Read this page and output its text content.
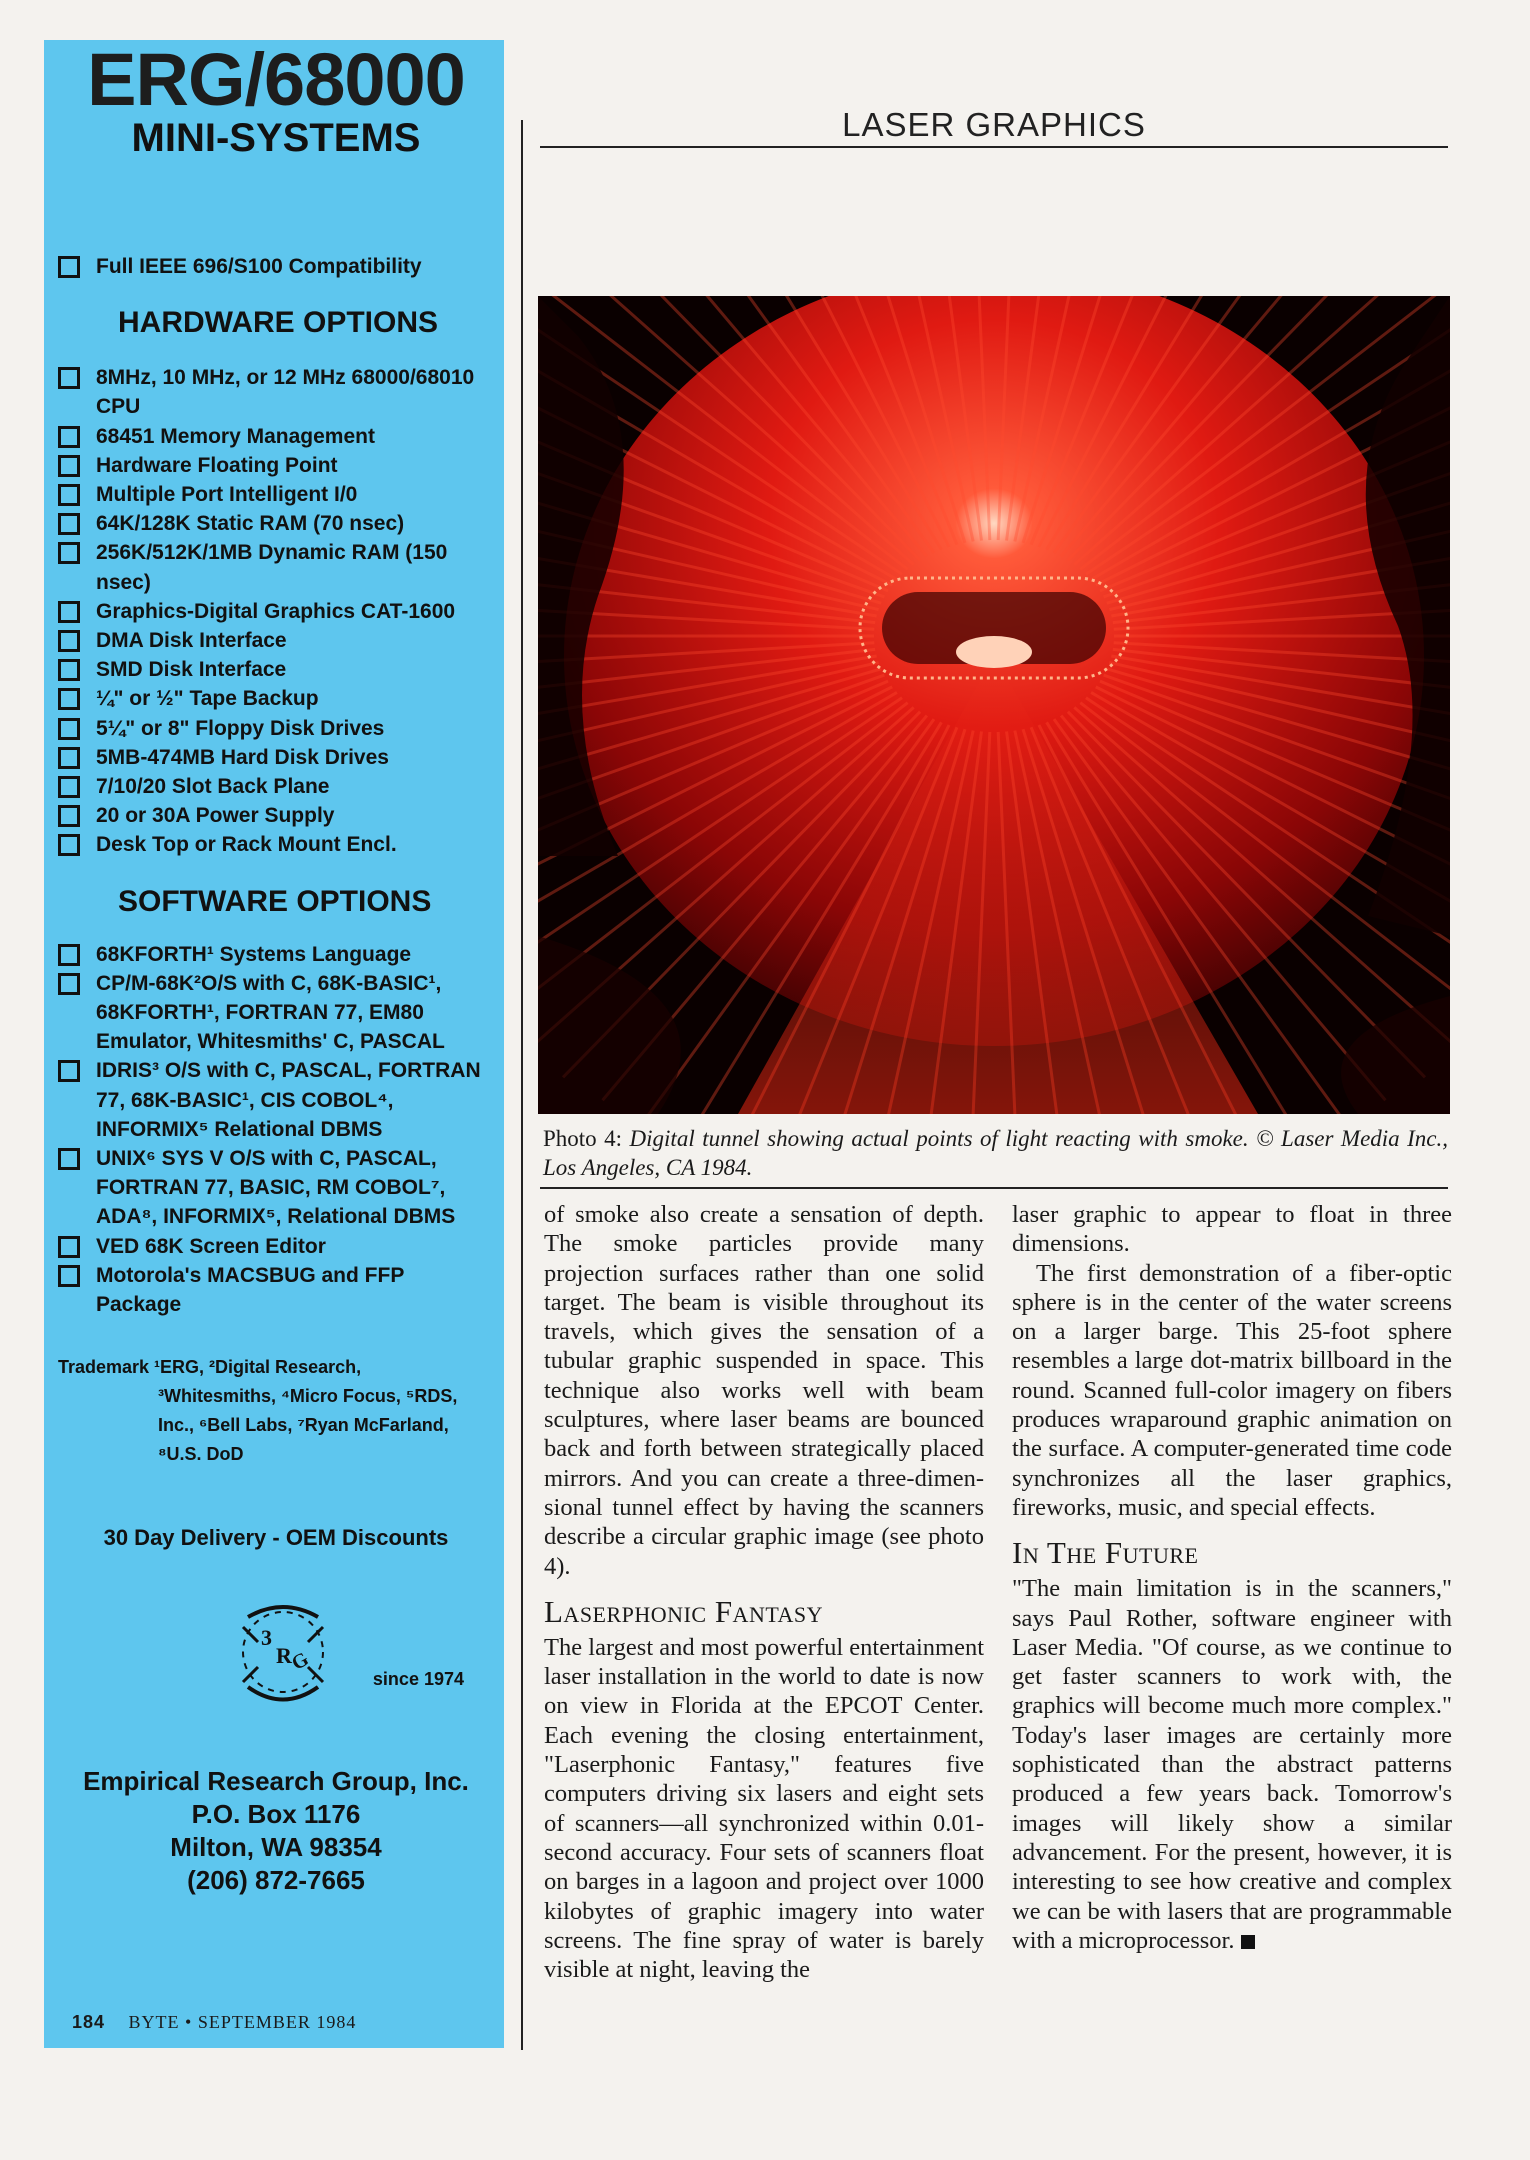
ERG/68000
MINI-SYSTEMS
Full IEEE 696/S100 Compatibility
HARDWARE OPTIONS
8MHz, 10 MHz, or 12 MHz 68000/68010 CPU
68451 Memory Management
Hardware Floating Point
Multiple Port Intelligent I/0
64K/128K Static RAM (70 nsec)
256K/512K/1MB Dynamic RAM (150 nsec)
Graphics-Digital Graphics CAT-1600
DMA Disk Interface
SMD Disk Interface
¼" or ½" Tape Backup
5¼" or 8" Floppy Disk Drives
5MB-474MB Hard Disk Drives
7/10/20 Slot Back Plane
20 or 30A Power Supply
Desk Top or Rack Mount Encl.
SOFTWARE OPTIONS
68KFORTH¹ Systems Language
CP/M-68K²O/S with C, 68K-BASIC¹, 68KFORTH¹, FORTRAN 77, EM80 Emulator, Whitesmiths' C, PASCAL
IDRIS³ O/S with C, PASCAL, FORTRAN 77, 68K-BASIC¹, CIS COBOL⁴, INFORMIX⁵ Relational DBMS
UNIX⁶ SYS V O/S with C, PASCAL, FORTRAN 77, BASIC, RM COBOL⁷, ADA⁸, INFORMIX⁵, Relational DBMS
VED 68K Screen Editor
Motorola's MACSBUG and FFP Package
Trademark ¹ERG, ²Digital Research,
³Whitesmiths, ⁴Micro Focus, ⁵RDS, Inc., ⁶Bell Labs, ⁷Ryan McFarland, ⁸U.S. DoD
30 Day Delivery - OEM Discounts
3
R
G
since 1974
Empirical Research Group, Inc.
P.O. Box 1176
Milton, WA 98354
(206) 872-7665
LASER GRAPHICS
Photo 4: Digital tunnel showing actual points of light reacting with smoke. © Laser Media Inc., Los Angeles, CA 1984.

of smoke also create a sensation of depth. The smoke particles provide many projection surfaces rather than one solid target. The beam is visible throughout its travels, which gives the sensation of a tubular graphic suspended in space. This technique also works well with beam sculptures, where laser beams are bounced back and forth between strategically placed mirrors. And you can create a three-dimensional tunnel effect by having the scanners describe a circular graphic image (see photo 4).

Laserphonic Fantasy

The largest and most powerful entertainment laser installation in the world to date is now on view in Florida at the EPCOT Center. Each evening the closing entertainment, "Laserphonic Fantasy," features five computers driving six lasers and eight sets of scanners—all synchronized within 0.01-second accuracy. Four sets of scanners float on barges in a lagoon and project over 1000 kilobytes of graphic imagery into water screens. The fine spray of water is barely visible at night, leaving the

laser graphic to appear to float in three dimensions.

The first demonstration of a fiber-optic sphere is in the center of the water screens on a larger barge. This 25-foot sphere resembles a large dot-matrix billboard in the round. Scanned full-color imagery on fibers produces wraparound graphic animation on the surface. A computer-generated time code synchronizes all the laser graphics, fireworks, music, and special effects.

In The Future

"The main limitation is in the scanners," says Paul Rother, software engineer with Laser Media. "Of course, as we continue to get faster scanners to work with, the graphics will become much more complex." Today's laser images are certainly more sophisticated than the abstract patterns produced a few years back. Tomorrow's images will likely show a similar advancement. For the present, however, it is interesting to see how creative and complex we can be with lasers that are programmable with a microprocessor.

184 BYTE • SEPTEMBER 1984
